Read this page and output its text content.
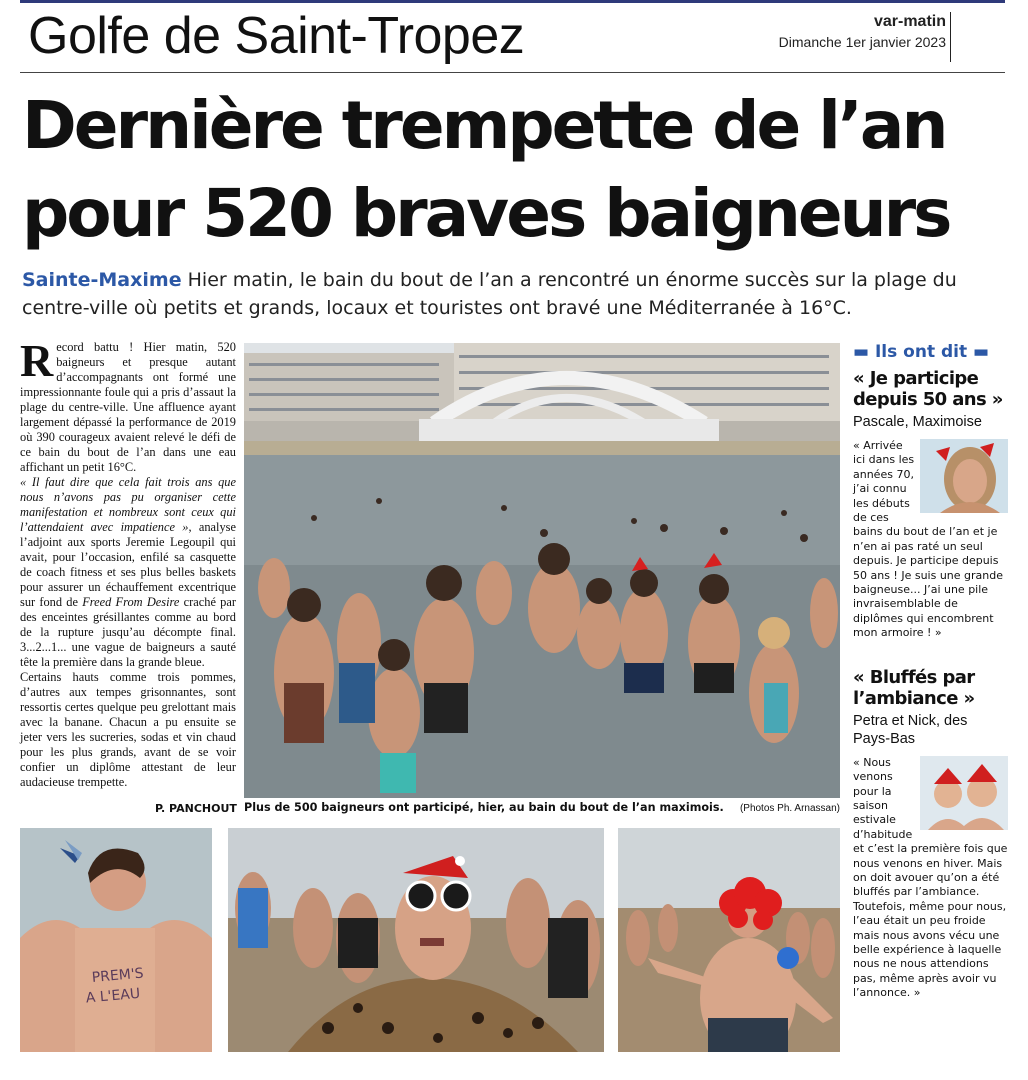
Golfe de Saint-Tropez	var-matin
Dimanche 1er janvier 2023
Dernière trempette de l’an pour 520 braves baigneurs
Sainte-Maxime Hier matin, le bain du bout de l’an a rencontré un énorme succès sur la plage du centre-ville où petits et grands, locaux et touristes ont bravé une Méditerranée à 16°C.

Record battu ! Hier matin, 520 baigneurs et presque autant d’accompagnants ont formé une impressionnante foule qui a pris d’assaut la plage du centre-ville. Une affluence ayant largement dépassé la performance de 2019 où 390 courageux avaient relevé le défi de ce bain du bout de l’an dans une eau affichant un petit 16°C.

« Il faut dire que cela fait trois ans que nous n’avons pas pu organiser cette manifestation et nombreux sont ceux qui l’attendaient avec impatience », analyse l’adjoint aux sports Jeremie Legoupil qui avait, pour l’occasion, enfilé sa casquette de coach fitness et ses plus belles baskets pour assurer un échauffement excentrique sur fond de Freed From Desire craché par des enceintes grésillantes comme au bord de la rupture jusqu’au décompte final. 3...2...1... une vague de baigneurs a sauté tête la première dans la grande bleue.

Certains hauts comme trois pommes, d’autres aux tempes grisonnantes, sont ressortis certes quelque peu grelottant mais avec la banane. Chacun a pu ensuite se jeter vers les sucreries, sodas et vin chaud pour les plus grands, avant de se voir confier un diplôme attestant de leur audacieuse trempette.

P. PANCHOUT Plus de 500 baigneurs ont participé, hier, au bain du bout de l’an maximois. (Photos Ph. Arnassan)
PREM'S
A L'EAU
▬ Ils ont dit ▬
« Je participe depuis 50 ans »
Pascale, Maximoise
« Arrivée ici dans les années 70, j’ai connu les débuts de ces bains du bout de l’an et je n’en ai pas raté un seul depuis. Je participe depuis 50 ans ! Je suis une grande baigneuse... J’ai une pile invraisemblable de diplômes qui encombrent mon armoire ! »
« Bluffés par l’ambiance »
Petra et Nick, des Pays-Bas
« Nous venons pour la saison estivale d’habitude et c’est la première fois que nous venons en hiver. Mais on doit avouer qu’on a été bluffés par l’ambiance. Toutefois, même pour nous, l’eau était un peu froide mais nous avons vécu une belle expérience à laquelle nous ne nous attendions pas, même après avoir vu l’annonce. »
